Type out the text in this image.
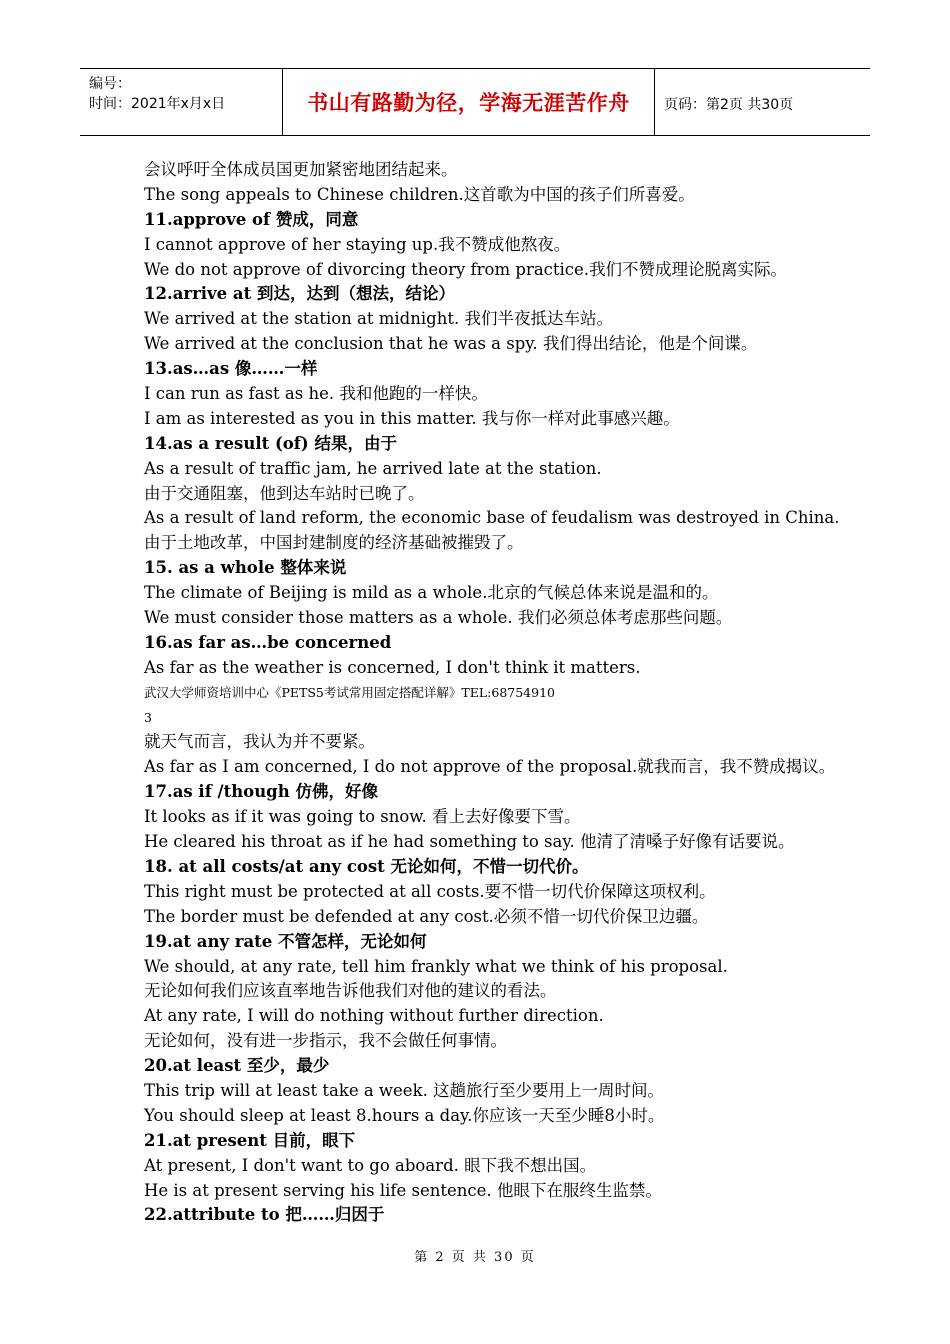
编号：
时间：2021年x月x日	书山有路勤为径，学海无涯苦作舟	页码：第2页 共30页
会议呼吁全体成员国更加紧密地团结起来。
The song appeals to Chinese children.这首歌为中国的孩子们所喜爱。
11.approve of 赞成，同意
I cannot approve of her staying up.我不赞成他熬夜。
We do not approve of divorcing theory from practice.我们不赞成理论脱离实际。
12.arrive at 到达，达到（想法，结论）
We arrived at the station at midnight. 我们半夜抵达车站。
We arrived at the conclusion that he was a spy. 我们得出结论，他是个间谍。
13.as…as 像……一样
I can run as fast as he. 我和他跑的一样快。
I am as interested as you in this matter. 我与你一样对此事感兴趣。
14.as a result (of) 结果，由于
As a result of traffic jam, he arrived late at the station.
由于交通阻塞，他到达车站时已晚了。
As a result of land reform, the economic base of feudalism was destroyed in China.
由于土地改革，中国封建制度的经济基础被摧毁了。
15. as a whole 整体来说
The climate of Beijing is mild as a whole.北京的气候总体来说是温和的。
We must consider those matters as a whole. 我们必须总体考虑那些问题。
16.as far as…be concerned
As far as the weather is concerned, I don't think it matters.
武汉大学师资培训中心《PETS5考试常用固定搭配详解》TEL:68754910
3
就天气而言，我认为并不要紧。
As far as I am concerned, I do not approve of the proposal.就我而言，我不赞成揭议。
17.as if /though 仿佛，好像
It looks as if it was going to snow. 看上去好像要下雪。
He cleared his throat as if he had something to say. 他清了清嗓子好像有话要说。
18. at all costs/at any cost 无论如何，不惜一切代价。
This right must be protected at all costs.要不惜一切代价保障这项权利。
The border must be defended at any cost.必须不惜一切代价保卫边疆。
19.at any rate 不管怎样，无论如何
We should, at any rate, tell him frankly what we think of his proposal.
无论如何我们应该直率地告诉他我们对他的建议的看法。
At any rate, I will do nothing without further direction.
无论如何，没有进一步指示，我不会做任何事情。
20.at least 至少，最少
This trip will at least take a week. 这趟旅行至少要用上一周时间。
You should sleep at least 8.hours a day.你应该一天至少睡8小时。
21.at present 目前，眼下
At present, I don't want to go aboard. 眼下我不想出国。
He is at present serving his life sentence. 他眼下在服终生监禁。
22.attribute to 把……归因于
第 2 页 共 30 页
